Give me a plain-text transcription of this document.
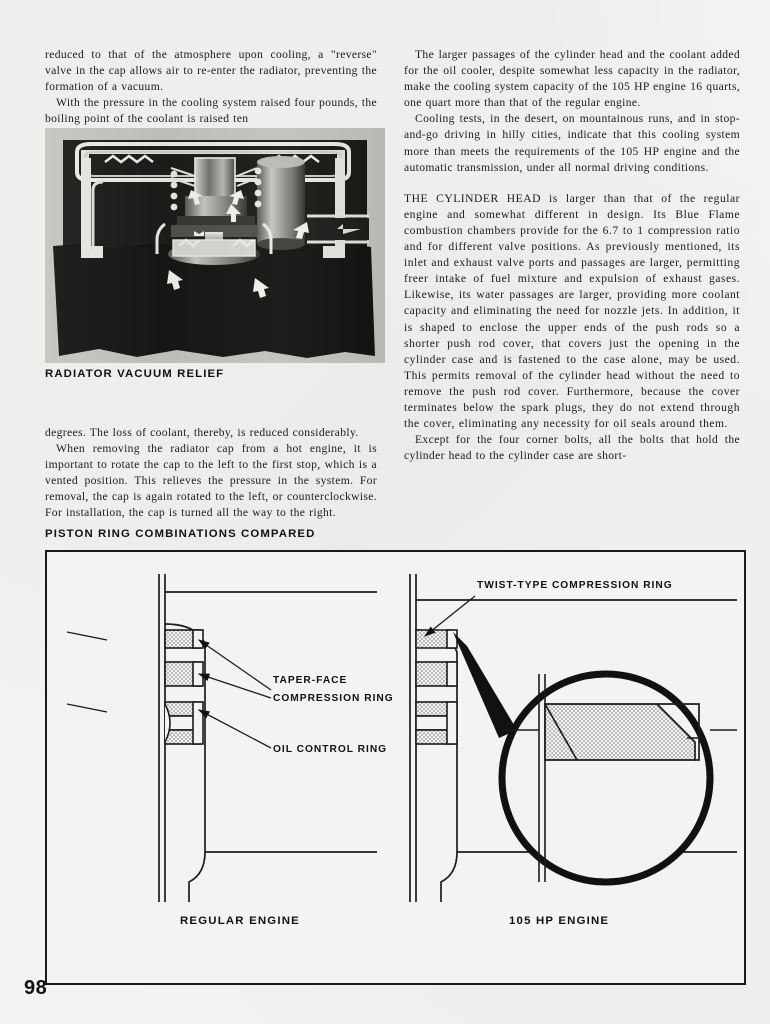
reduced to that of the atmosphere upon cooling, a "reverse" valve in the cap allows air to re-enter the radiator, preventing the formation of a vacuum.

With the pressure in the cooling system raised four pounds, the boiling point of the coolant is raised ten

RADIATOR VACUUM RELIEF

degrees. The loss of coolant, thereby, is reduced considerably.

When removing the radiator cap from a hot engine, it is important to rotate the cap to the left to the first stop, which is a vented position. This relieves the pressure in the system. For removal, the cap is again rotated to the left, or counterclockwise. For installation, the cap is turned all the way to the right.

The larger passages of the cylinder head and the coolant added for the oil cooler, despite somewhat less capacity in the radiator, make the cooling system capacity of the 105 HP engine 16 quarts, one quart more than that of the regular engine.

Cooling tests, in the desert, on mountainous runs, and in stop-and-go driving in hilly cities, indicate that this cooling system more than meets the requirements of the 105 HP engine and the automatic transmission, under all normal driving conditions.

THE CYLINDER HEAD is larger than that of the regular engine and somewhat different in design. Its Blue Flame combustion chambers provide for the 6.7 to 1 compression ratio and for different valve positions. As previously mentioned, its inlet and exhaust valve ports and passages are larger, permitting freer intake of fuel mixture and expulsion of exhaust gases. Likewise, its water passages are larger, providing more coolant capacity and eliminating the need for nozzle jets. In addition, it is shaped to enclose the upper ends of the push rods so a shorter push rod cover, that covers just the opening in the cylinder case and is fastened to the case alone, may be used. This permits removal of the cylinder head without the need to remove the push rod cover. Furthermore, because the cover terminates below the spark plugs, they do not extend through the cover, eliminating any necessity for oil seals around them.

Except for the four corner bolts, all the bolts that hold the cylinder head to the cylinder case are short-

PISTON RING COMBINATIONS COMPARED
TAPER-FACE
COMPRESSION RING
OIL CONTROL RING
TWIST-TYPE COMPRESSION RING
REGULAR ENGINE	105 HP ENGINE
98
